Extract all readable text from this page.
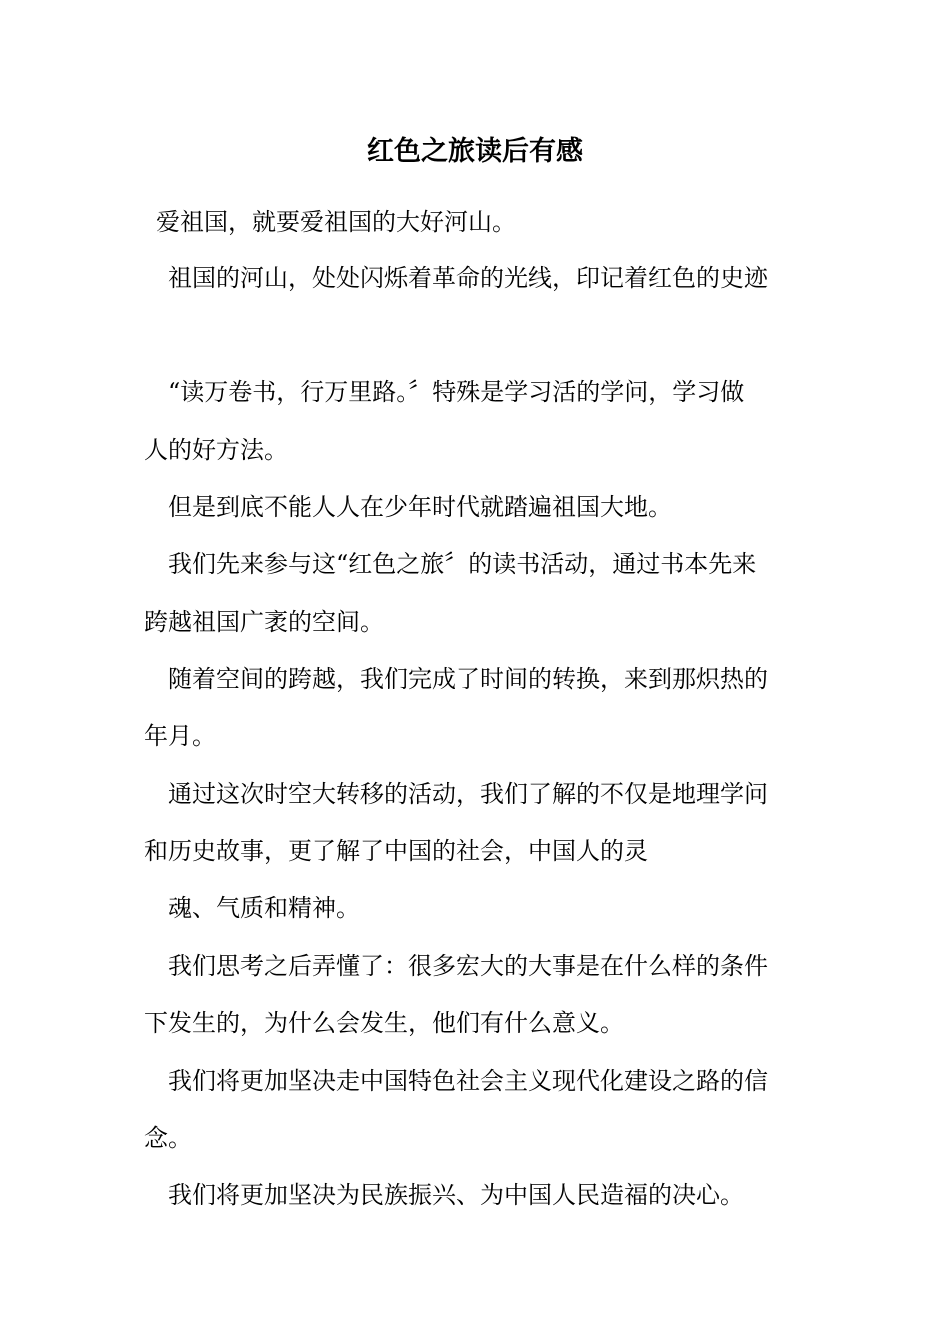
红色之旅读后有感
爱祖国，就要爱祖国的大好河山。
祖国的河山，处处闪烁着革命的光线，印记着红色的史迹
“读万卷书，行万里路。〞特殊是学习活的学问，学习做
人的好方法。
但是到底不能人人在少年时代就踏遍祖国大地。
我们先来参与这“红色之旅〞的读书活动，通过书本先来
跨越祖国广袤的空间。
随着空间的跨越，我们完成了时间的转换，来到那炽热的
年月。
通过这次时空大转移的活动，我们了解的不仅是地理学问
和历史故事，更了解了中国的社会，中国人的灵
魂、气质和精神。
我们思考之后弄懂了：很多宏大的大事是在什么样的条件
下发生的，为什么会发生，他们有什么意义。
我们将更加坚决走中国特色社会主义现代化建设之路的信
念。
我们将更加坚决为民族振兴、为中国人民造福的决心。
